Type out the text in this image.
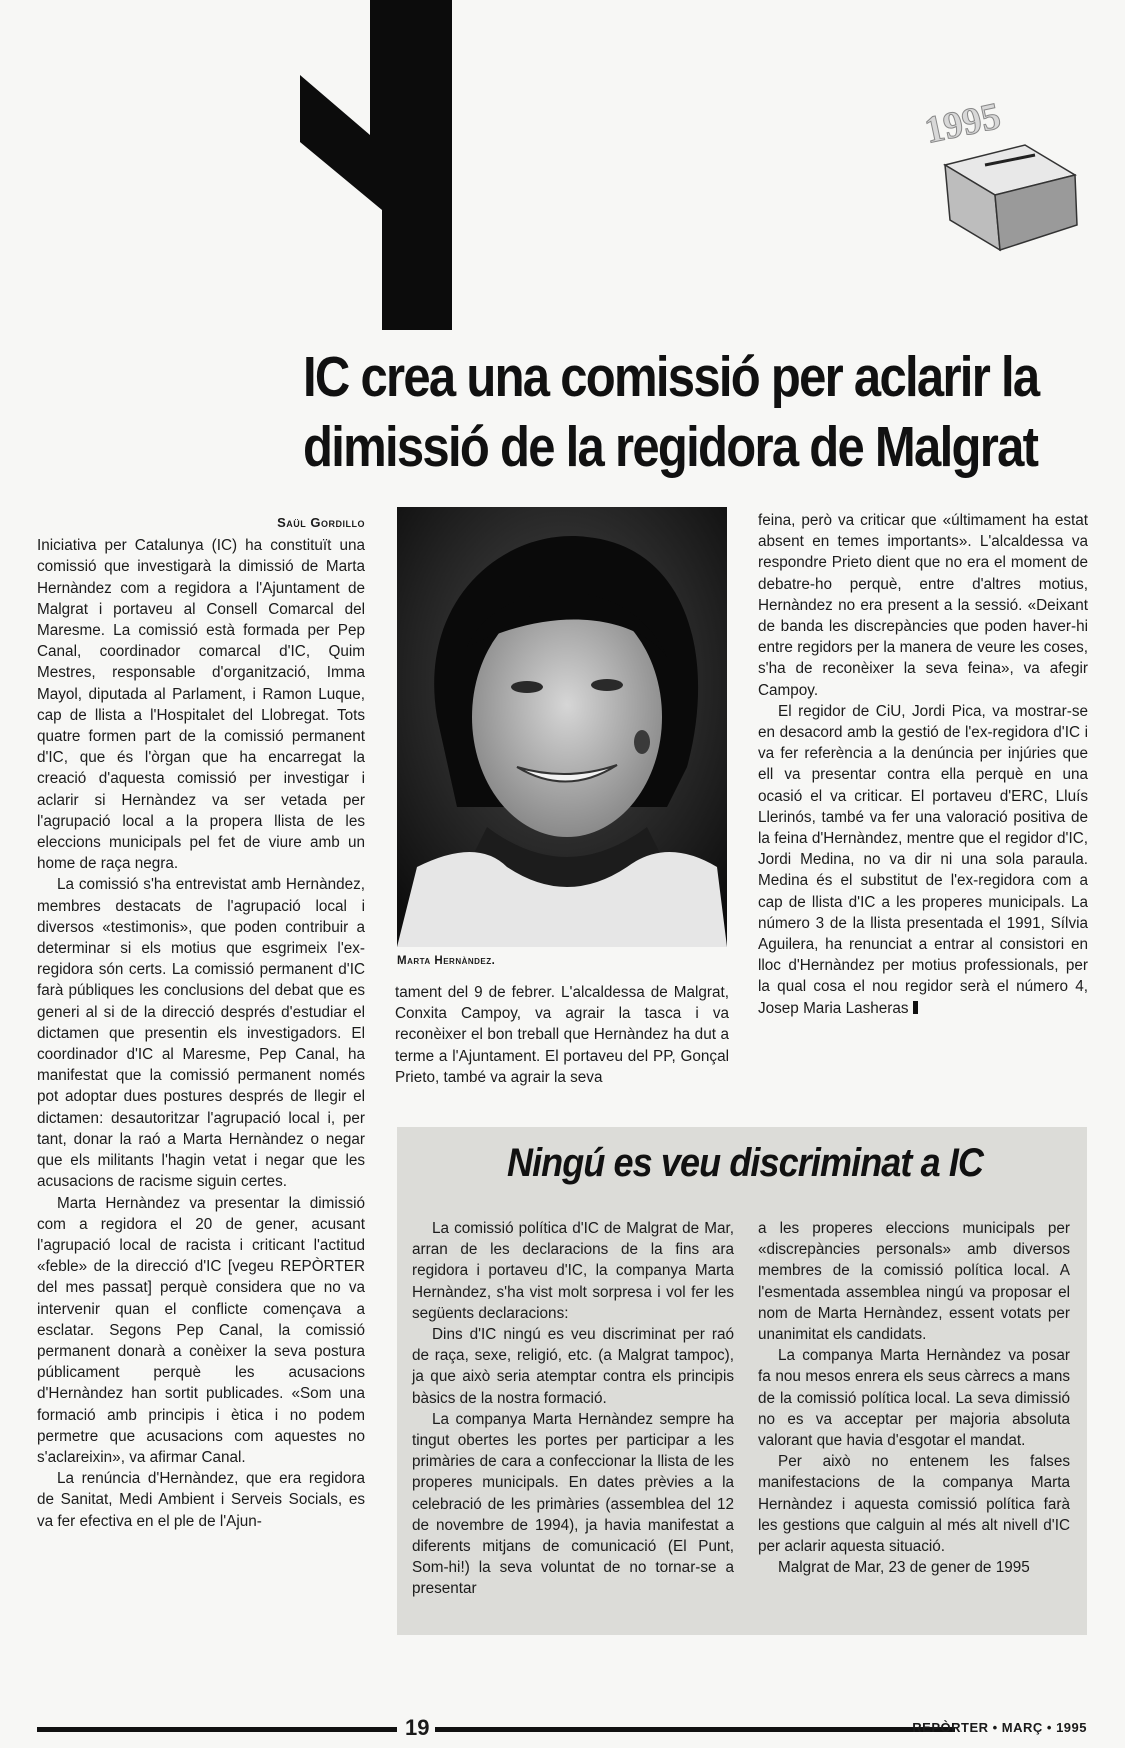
1995
IC crea una comissió per aclarir la
dimissió de la regidora de Malgrat
Saül Gordillo

Iniciativa per Catalunya (IC) ha constituït una comissió que investigarà la dimissió de Marta Hernàndez com a regidora a l'Ajuntament de Malgrat i portaveu al Consell Comarcal del Maresme. La comissió està formada per Pep Canal, coordinador comarcal d'IC, Quim Mestres, responsable d'organització, Imma Mayol, diputada al Parlament, i Ramon Luque, cap de llista a l'Hospitalet del Llobregat. Tots quatre formen part de la comissió permanent d'IC, que és l'òrgan que ha encarregat la creació d'aquesta comissió per investigar i aclarir si Hernàndez va ser vetada per l'agrupació local a la propera llista de les eleccions municipals pel fet de viure amb un home de raça negra.

La comissió s'ha entrevistat amb Hernàndez, membres destacats de l'agrupació local i diversos «testimonis», que poden contribuir a determinar si els motius que esgrimeix l'ex-regidora són certs. La comissió permanent d'IC farà públiques les conclusions del debat que es generi al si de la direcció després d'estudiar el dictamen que presentin els investigadors. El coordinador d'IC al Maresme, Pep Canal, ha manifestat que la comissió permanent només pot adoptar dues postures després de llegir el dictamen: desautoritzar l'agrupació local i, per tant, donar la raó a Marta Hernàndez o negar que els militants l'hagin vetat i negar que les acusacions de racisme siguin certes.

Marta Hernàndez va presentar la dimissió com a regidora el 20 de gener, acusant l'agrupació local de racista i criticant l'actitud «feble» de la direcció d'IC [vegeu REPÒRTER del mes passat] perquè considera que no va intervenir quan el conflicte començava a esclatar. Segons Pep Canal, la comissió permanent donarà a conèixer la seva postura públicament perquè les acusacions d'Hernàndez han sortit publicades. «Som una formació amb principis i ètica i no podem permetre que acusacions com aquestes no s'aclareixin», va afirmar Canal.

La renúncia d'Hernàndez, que era regidora de Sanitat, Medi Ambient i Serveis Socials, es va fer efectiva en el ple de l'Ajun-

Marta Hernàndez.

tament del 9 de febrer. L'alcaldessa de Malgrat, Conxita Campoy, va agrair la tasca i va reconèixer el bon treball que Hernàndez ha dut a terme a l'Ajuntament. El portaveu del PP, Gonçal Prieto, també va agrair la seva

feina, però va criticar que «últimament ha estat absent en temes importants». L'alcaldessa va respondre Prieto dient que no era el moment de debatre-ho perquè, entre d'altres motius, Hernàndez no era present a la sessió. «Deixant de banda les discrepàncies que poden haver-hi entre regidors per la manera de veure les coses, s'ha de reconèixer la seva feina», va afegir Campoy.

El regidor de CiU, Jordi Pica, va mostrar-se en desacord amb la gestió de l'ex-regidora d'IC i va fer referència a la denúncia per injúries que ell va presentar contra ella perquè en una ocasió el va criticar. El portaveu d'ERC, Lluís Llerinós, també va fer una valoració positiva de la feina d'Hernàndez, mentre que el regidor d'IC, Jordi Medina, no va dir ni una sola paraula. Medina és el substitut de l'ex-regidora com a cap de llista d'IC a les properes municipals. La número 3 de la llista presentada el 1991, Sílvia Aguilera, ha renunciat a entrar al consistori en lloc d'Hernàndez per motius professionals, per la qual cosa el nou regidor serà el número 4, Josep Maria Lasheras

Ningú es veu discriminat a IC

La comissió política d'IC de Malgrat de Mar, arran de les declaracions de la fins ara regidora i portaveu d'IC, la companya Marta Hernàndez, s'ha vist molt sorpresa i vol fer les següents declaracions:

Dins d'IC ningú es veu discriminat per raó de raça, sexe, religió, etc. (a Malgrat tampoc), ja que això seria atemptar contra els principis bàsics de la nostra formació.

La companya Marta Hernàndez sempre ha tingut obertes les portes per participar a les primàries de cara a confeccionar la llista de les properes municipals. En dates prèvies a la celebració de les primàries (assemblea del 12 de novembre de 1994), ja havia manifestat a diferents mitjans de comunicació (El Punt, Som-hi!) la seva voluntat de no tornar-se a presentar

a les properes eleccions municipals per «discrepàncies personals» amb diversos membres de la comissió política local. A l'esmentada assemblea ningú va proposar el nom de Marta Hernàndez, essent votats per unanimitat els candidats.

La companya Marta Hernàndez va posar fa nou mesos enrera els seus càrrecs a mans de la comissió política local. La seva dimissió no es va acceptar per majoria absoluta valorant que havia d'esgotar el mandat.

Per això no entenem les falses manifestacions de la companya Marta Hernàndez i aquesta comissió política farà les gestions que calguin al més alt nivell d'IC per aclarir aquesta situació.

Malgrat de Mar, 23 de gener de 1995

19	REPÒRTER • MARÇ • 1995
